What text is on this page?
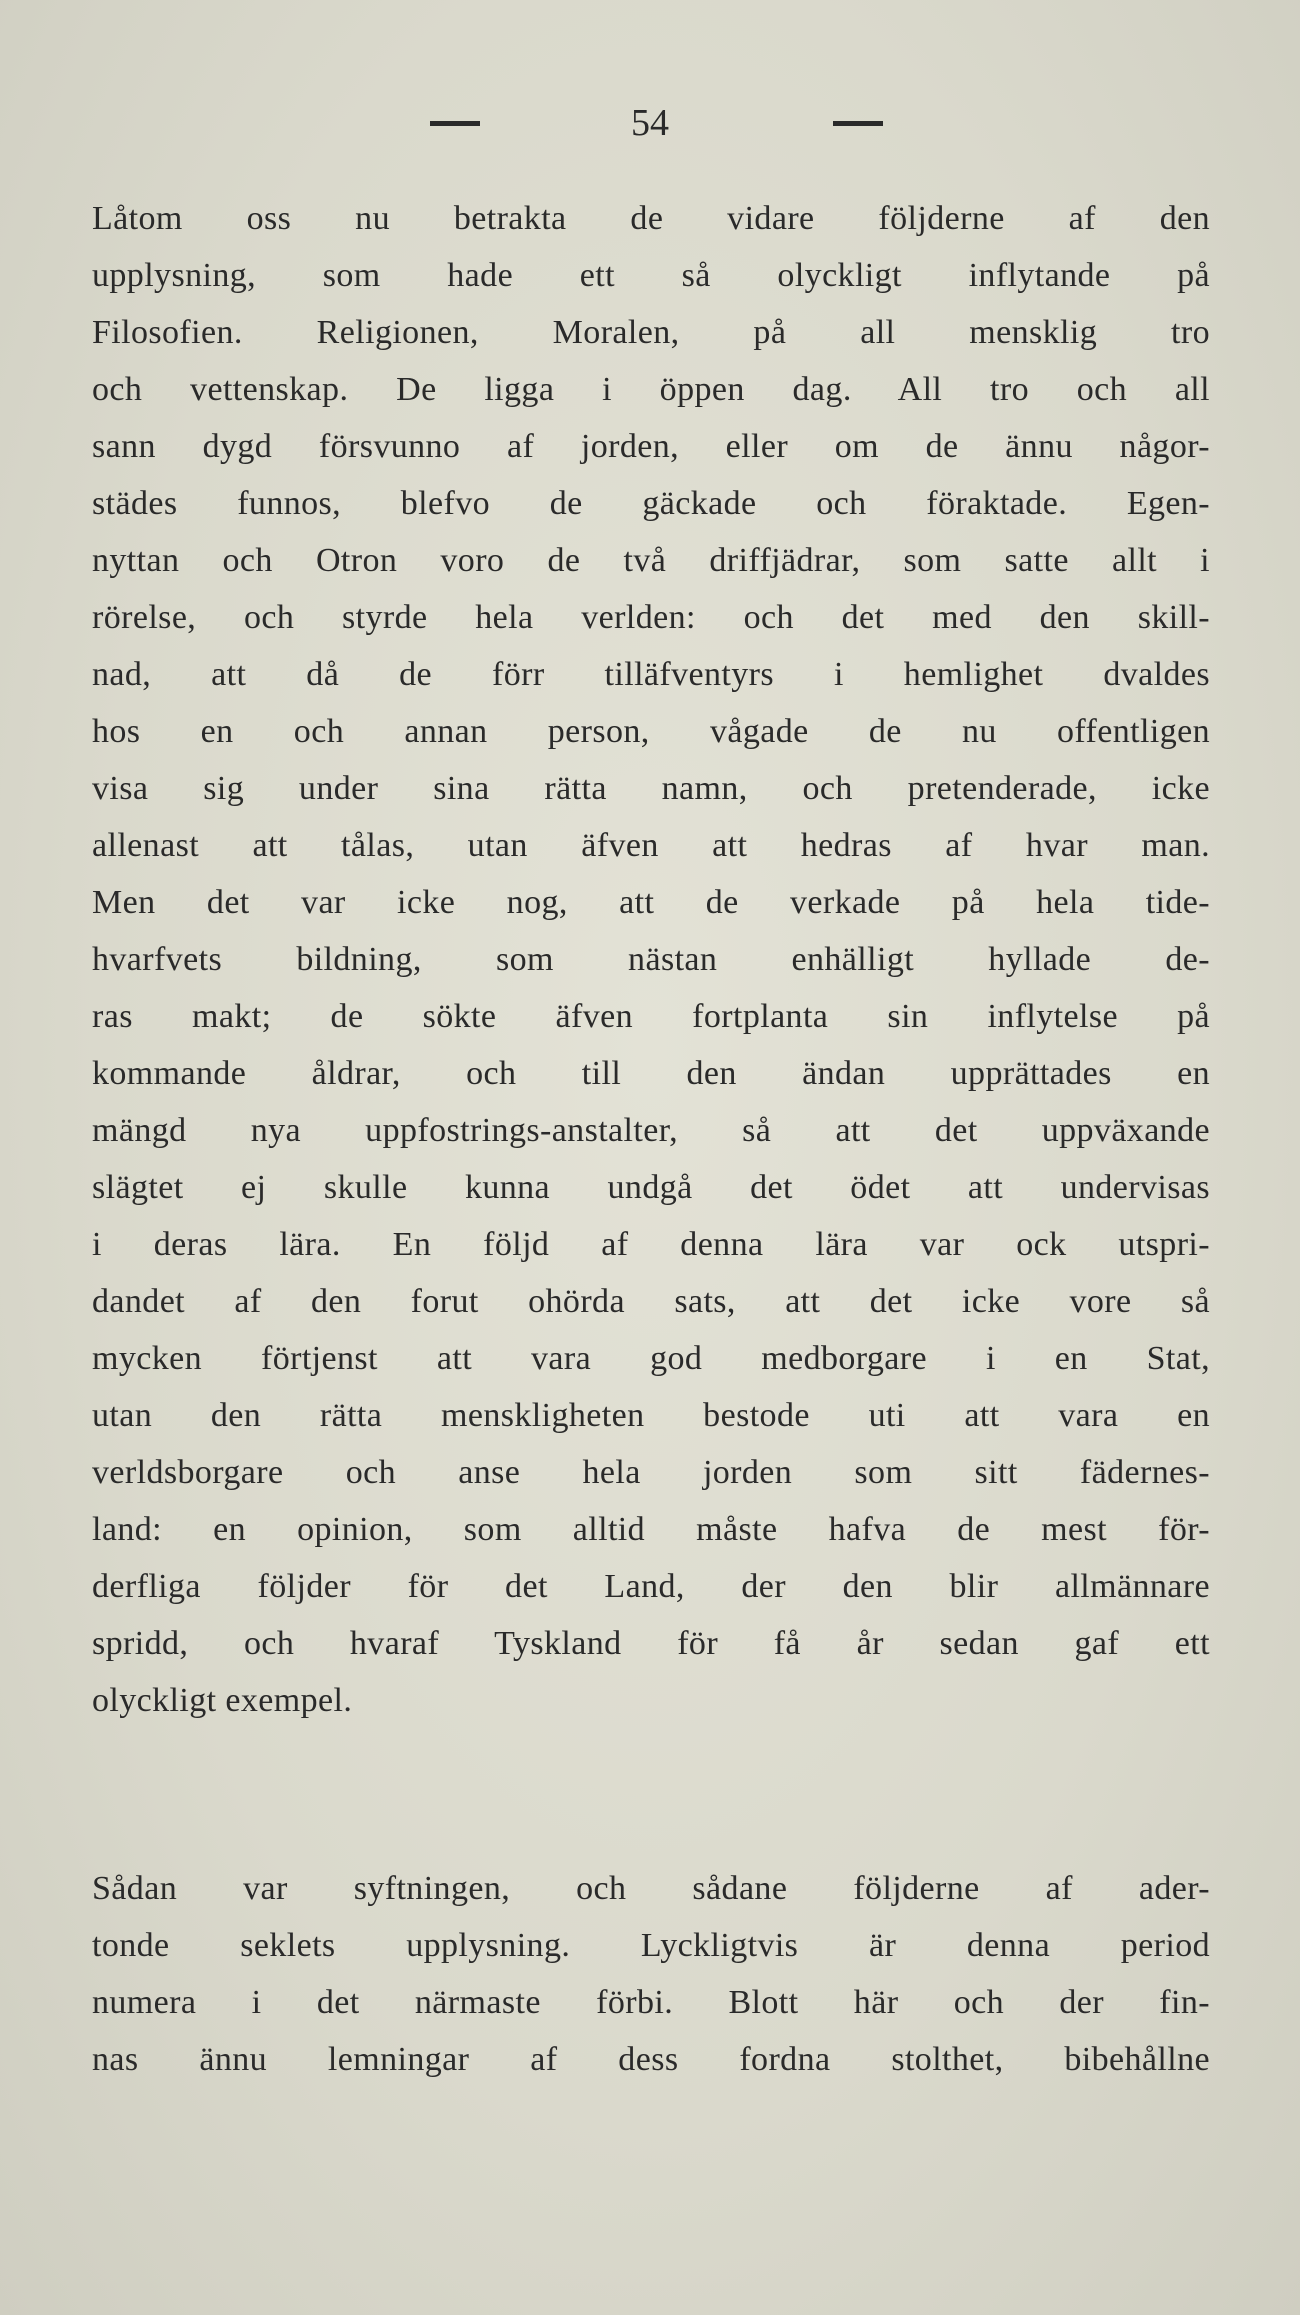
54
Låtom oss nu betrakta de vidare följderne af den
upplysning, som hade ett så olyckligt inflytande på
Filosofien. Religionen, Moralen, på all mensklig tro
och vettenskap. De ligga i öppen dag. All tro och all
sann dygd försvunno af jorden, eller om de ännu någor-
städes funnos, blefvo de gäckade och föraktade. Egen-
nyttan och Otron voro de två driffjädrar, som satte allt i
rörelse, och styrde hela verlden: och det med den skill-
nad, att då de förr tilläfventyrs i hemlighet dvaldes
hos en och annan person, vågade de nu offentligen
visa sig under sina rätta namn, och pretenderade, icke
allenast att tålas, utan äfven att hedras af hvar man.
Men det var icke nog, att de verkade på hela tide-
hvarfvets bildning, som nästan enhälligt hyllade de-
ras makt; de sökte äfven fortplanta sin inflytelse på
kommande åldrar, och till den ändan upprättades en
mängd nya uppfostrings-anstalter, så att det uppväxande
slägtet ej skulle kunna undgå det ödet att undervisas
i deras lära. En följd af denna lära var ock utspri-
dandet af den forut ohörda sats, att det icke vore så
mycken förtjenst att vara god medborgare i en Stat,
utan den rätta menskligheten bestode uti att vara en
verldsborgare och anse hela jorden som sitt fädernes-
land: en opinion, som alltid måste hafva de mest för-
derfliga följder för det Land, der den blir allmännare
spridd, och hvaraf Tyskland för få år sedan gaf ett
olyckligt exempel.
Sådan var syftningen, och sådane följderne af ader-
tonde seklets upplysning. Lyckligtvis är denna period
numera i det närmaste förbi. Blott här och der fin-
nas ännu lemningar af dess fordna stolthet, bibehållne
